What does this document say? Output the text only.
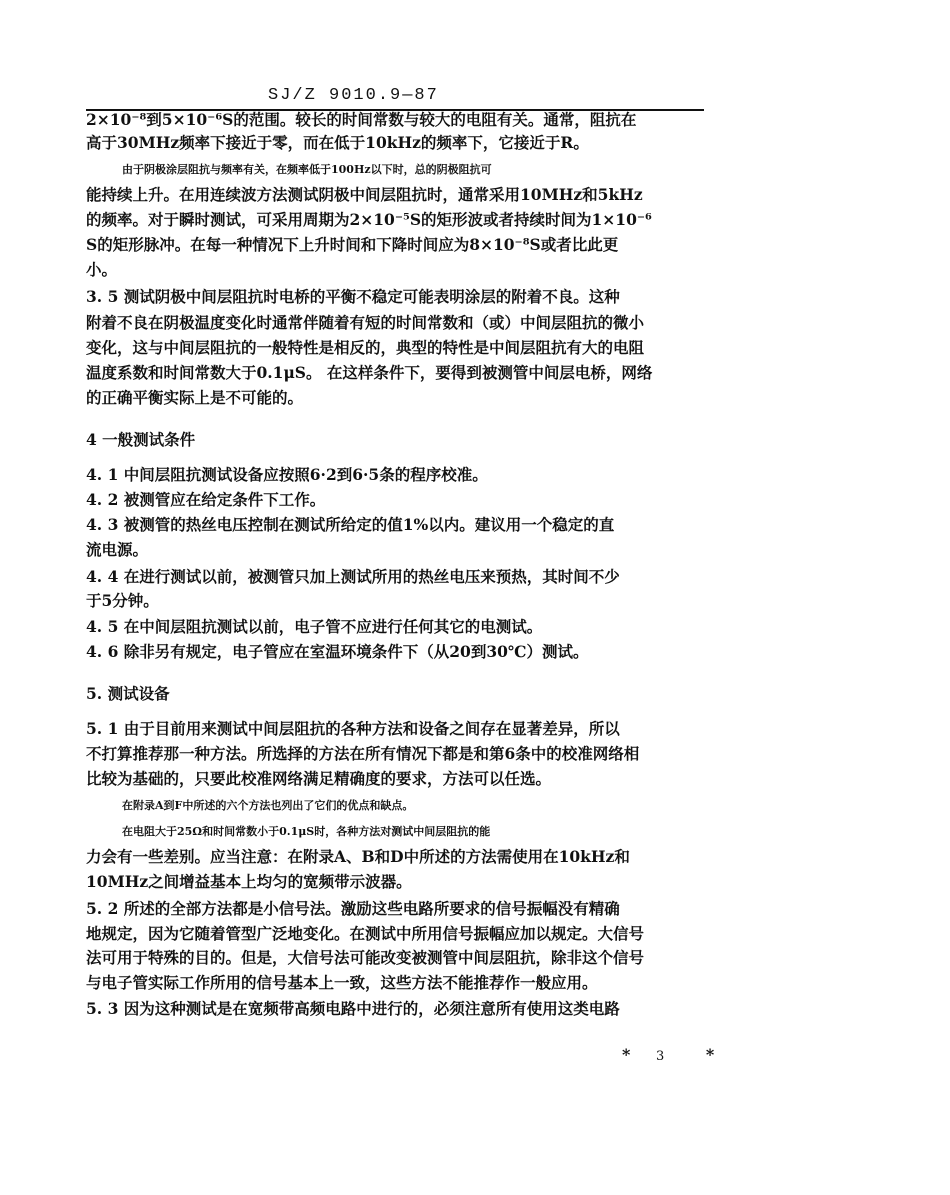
SJ/Z 9010.9—87
2×10⁻⁸到5×10⁻⁶S的范围。较长的时间常数与较大的电阻有关。通常，阻抗在
高于30MHz频率下接近于零，而在低于10kHz的频率下，它接近于R。
由于阴极涂层阻抗与频率有关，在频率低于100Hz以下时，总的阴极阻抗可
能持续上升。在用连续波方法测试阴极中间层阻抗时，通常采用10MHz和5kHz
的频率。对于瞬时测试，可采用周期为2×10⁻⁵S的矩形波或者持续时间为1×10⁻⁶
S的矩形脉冲。在每一种情况下上升时间和下降时间应为8×10⁻⁸S或者比此更
小。
3. 5 测试阴极中间层阻抗时电桥的平衡不稳定可能表明涂层的附着不良。这种
附着不良在阴极温度变化时通常伴随着有短的时间常数和（或）中间层阻抗的微小
变化，这与中间层阻抗的一般特性是相反的，典型的特性是中间层阻抗有大的电阻
温度系数和时间常数大于0.1μS。 在这样条件下，要得到被测管中间层电桥，网络
的正确平衡实际上是不可能的。
4 一般测试条件
4. 1 中间层阻抗测试设备应按照6·2到6·5条的程序校准。
4. 2 被测管应在给定条件下工作。
4. 3 被测管的热丝电压控制在测试所给定的值1%以内。建议用一个稳定的直
流电源。
4. 4 在进行测试以前，被测管只加上测试所用的热丝电压来预热，其时间不少
于5分钟。
4. 5 在中间层阻抗测试以前，电子管不应进行任何其它的电测试。
4. 6 除非另有规定，电子管应在室温环境条件下（从20到30℃）测试。
5. 测试设备
5. 1 由于目前用来测试中间层阻抗的各种方法和设备之间存在显著差异，所以
不打算推荐那一种方法。所选择的方法在所有情况下都是和第6条中的校准网络相
比较为基础的，只要此校准网络满足精确度的要求，方法可以任选。
在附录A到F中所述的六个方法也列出了它们的优点和缺点。
在电阻大于25Ω和时间常数小于0.1μS时，各种方法对测试中间层阻抗的能
力会有一些差别。应当注意：在附录A、B和D中所述的方法需使用在10kHz和
10MHz之间增益基本上均匀的宽频带示波器。
5. 2 所述的全部方法都是小信号法。激励这些电路所要求的信号振幅没有精确
地规定，因为它随着管型广泛地变化。在测试中所用信号振幅应加以规定。大信号
法可用于特殊的目的。但是，大信号法可能改变被测管中间层阻抗，除非这个信号
与电子管实际工作所用的信号基本上一致，这些方法不能推荐作一般应用。
5. 3 因为这种测试是在宽频带高频电路中进行的，必须注意所有使用这类电路
* 3	*
